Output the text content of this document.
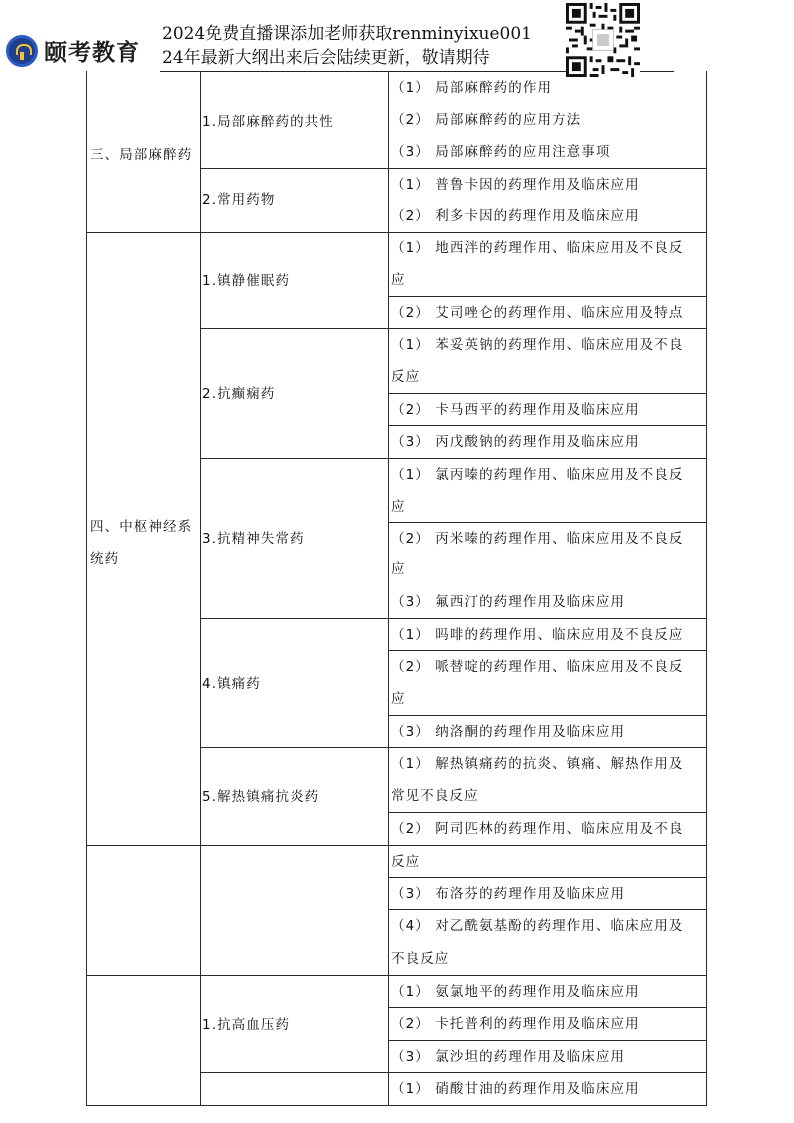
颐考教育
2024免费直播课添加老师获取renminyixue001
24年最新大纲出来后会陆续更新，敬请期待
三、局部麻醉药
四、中枢神经系
统药
1.局部麻醉药的共性
2.常用药物
1.镇静催眠药
2.抗癫痫药
3.抗精神失常药
4.镇痛药
5.解热镇痛抗炎药
1.抗高血压药
（1） 局部麻醉药的作用
（2） 局部麻醉药的应用方法
（3） 局部麻醉药的应用注意事项
（1） 普鲁卡因的药理作用及临床应用
（2） 利多卡因的药理作用及临床应用
（1） 地西泮的药理作用、临床应用及不良反
应
（2） 艾司唑仑的药理作用、临床应用及特点
（1） 苯妥英钠的药理作用、临床应用及不良
反应
（2） 卡马西平的药理作用及临床应用
（3） 丙戊酸钠的药理作用及临床应用
（1） 氯丙嗪的药理作用、临床应用及不良反
应
（2） 丙米嗪的药理作用、临床应用及不良反
应
（3） 氟西汀的药理作用及临床应用
（1） 吗啡的药理作用、临床应用及不良反应
（2） 哌替啶的药理作用、临床应用及不良反
应
（3） 纳洛酮的药理作用及临床应用
（1） 解热镇痛药的抗炎、镇痛、解热作用及
常见不良反应
（2） 阿司匹林的药理作用、临床应用及不良
反应
（3） 布洛芬的药理作用及临床应用
（4） 对乙酰氨基酚的药理作用、临床应用及
不良反应
（1） 氨氯地平的药理作用及临床应用
（2） 卡托普利的药理作用及临床应用
（3） 氯沙坦的药理作用及临床应用
（1） 硝酸甘油的药理作用及临床应用
